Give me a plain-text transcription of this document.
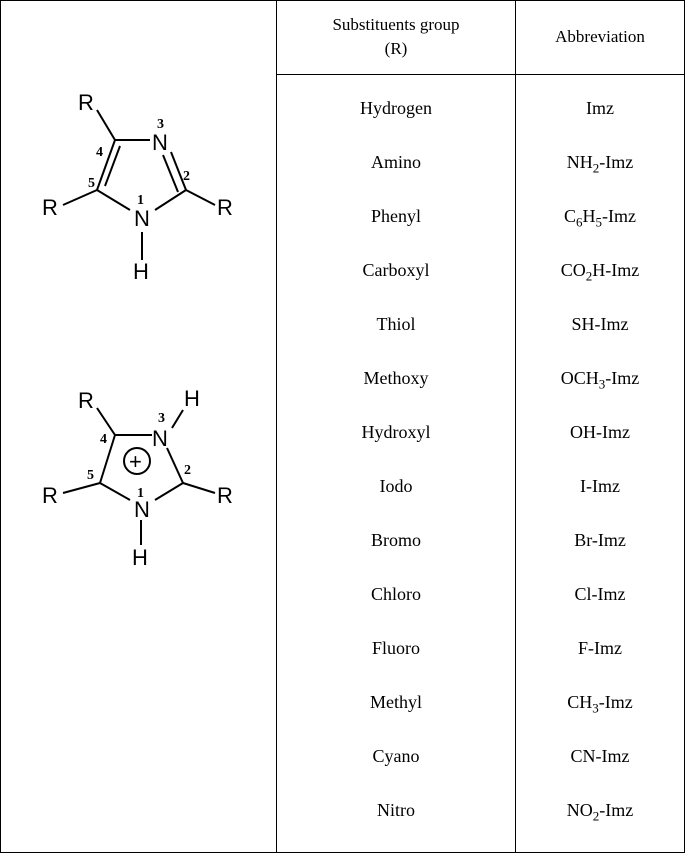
Substituents group
(R)
Abbreviation
Hydrogen
Amino
Phenyl
Carboxyl
Thiol
Methoxy
Hydroxyl
Iodo
Bromo
Chloro
Fluoro
Methyl
Cyano
Nitro
Imz
$NH_2$-Imz
$C_6H_5$-Imz
$CO_2H$-Imz
SH-Imz
$OCH_3$-Imz
OH-Imz
I-Imz
Br-Imz
Cl-Imz
F-Imz
$CH_3$-Imz
CN-Imz
$NO_2$-Imz
R
N
N	R
R
H
1
2
3
4
5
+
R	H
N
N
R
R
H
1
2
3
4
5
